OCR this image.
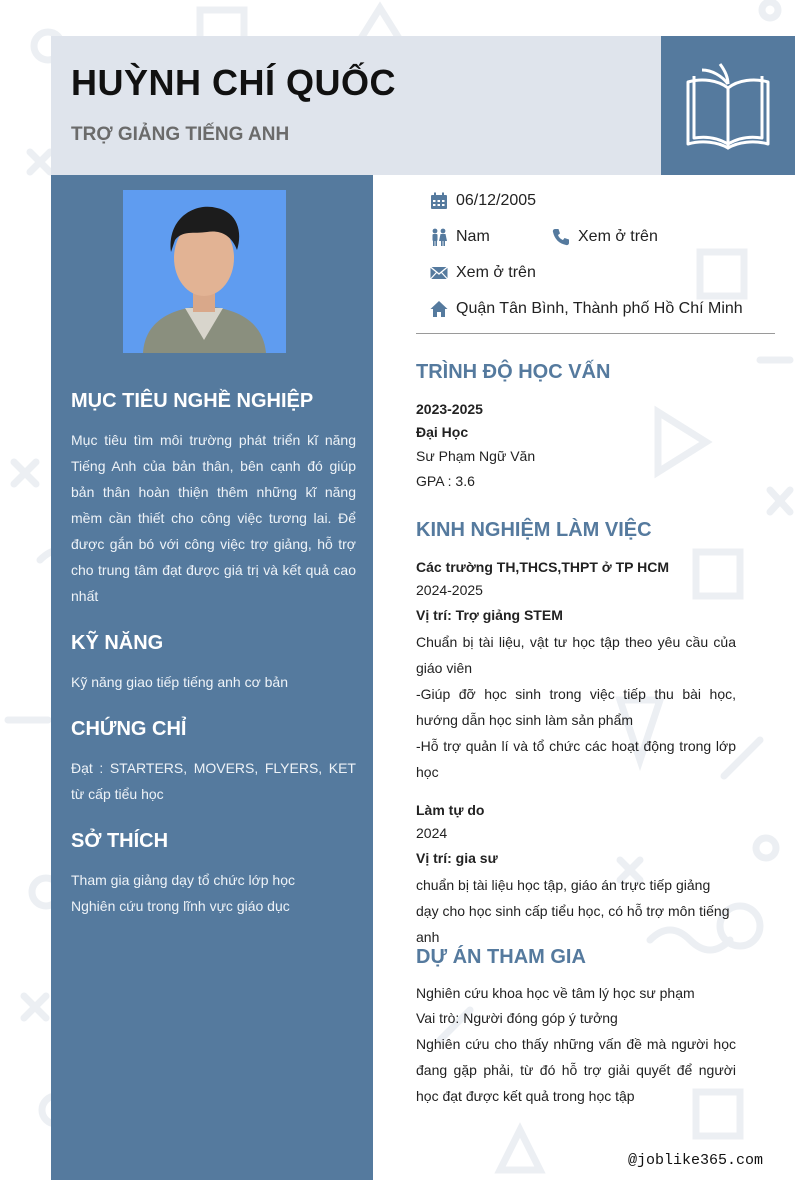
HUỲNH CHÍ QUỐC
TRỢ GIẢNG TIẾNG ANH
MỤC TIÊU NGHỀ NGHIỆP
Mục tiêu tìm môi trường phát triển kĩ năng Tiếng Anh của bản thân, bên cạnh đó giúp bản thân hoàn thiện thêm những kĩ năng mềm cần thiết cho công việc tương lai. Để được gắn bó với công việc trợ giảng, hỗ trợ cho trung tâm đạt được giá trị và kết quả cao nhất
KỸ NĂNG
Kỹ năng giao tiếp tiếng anh cơ bản
CHỨNG CHỈ
Đạt : STARTERS, MOVERS, FLYERS, KET từ cấp tiểu học
SỞ THÍCH
Tham gia giảng dạy tổ chức lớp học
Nghiên cứu trong lĩnh vực giáo dục
06/12/2005
Nam	Xem ở trên
Xem ở trên
Quận Tân Bình, Thành phố Hồ Chí Minh
TRÌNH ĐỘ HỌC VẤN
2023-2025
Đại Học
Sư Phạm Ngữ Văn
GPA : 3.6
KINH NGHIỆM LÀM VIỆC
Các trường TH,THCS,THPT ở TP HCM
2024-2025
Vị trí: Trợ giảng STEM
Chuẩn bị tài liệu, vật tư học tập theo yêu cầu của giáo viên
-Giúp đỡ học sinh trong việc tiếp thu bài học, hướng dẫn học sinh làm sản phẩm
-Hỗ trợ quản lí và tổ chức các hoạt động trong lớp học
Làm tự do
2024
Vị trí: gia sư
chuẩn bị tài liệu học tập, giáo án trực tiếp giảng dạy cho học sinh cấp tiểu học, có hỗ trợ môn tiếng anh
DỰ ÁN THAM GIA
Nghiên cứu khoa học về tâm lý học sư phạm
Vai trò: Người đóng góp ý tưởng
Nghiên cứu cho thấy những vấn đề mà người học đang gặp phải, từ đó hỗ trợ giải quyết để người học đạt được kết quả trong học tập
@joblike365.com
